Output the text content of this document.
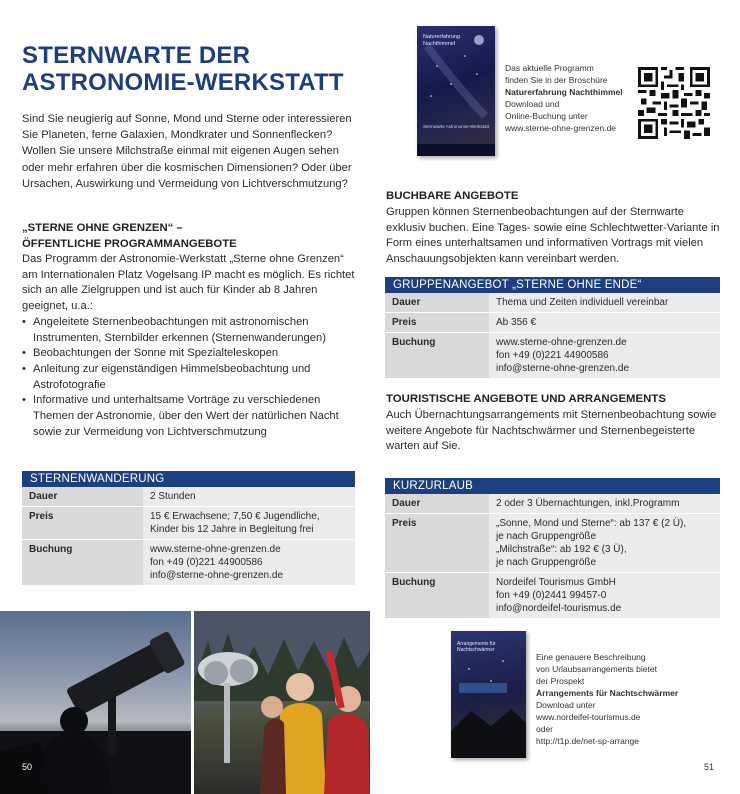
STERNWARTE DER
ASTRONOMIE-WERKSTATT

Sind Sie neugierig auf Sonne, Mond und Sterne oder interessieren Sie Planeten, ferne Galaxien, Mondkrater und Sonnenflecken? Wollen Sie unsere Milchstraße einmal mit eigenen Augen sehen oder mehr erfahren über die kosmischen Dimensionen? Oder über Ursachen, Auswirkung und Vermeidung von Lichtverschmutzung?

„STERNE OHNE GRENZEN“ –
ÖFFENTLICHE PROGRAMMANGEBOTE

Das Programm der Astronomie-Werkstatt „Sterne ohne Grenzen“ am Internationalen Platz Vogelsang IP macht es möglich. Es richtet sich an alle Zielgruppen und ist auch für Kinder ab 8 Jahren geeignet, u.a.:

• Angeleitete Sternenbeobachtungen mit astronomischen Instrumenten, Sternbilder erkennen (Sternenwanderungen)
• Beobachtungen der Sonne mit Spezialteleskopen
• Anleitung zur eigenständigen Himmelsbeobachtung und Astrofotografie
• Informative und unterhaltsame Vorträge zu verschiedenen Themen der Astronomie, über den Wert der natürlichen Nacht sowie zur Vermeidung von Lichtverschmutzung
STERNENWANDERUNG
Dauer	2 Stunden
Preis	15 € Erwachsene; 7,50 € Jugendliche,
Kinder bis 12 Jahre in Begleitung frei
Buchung	www.sterne-ohne-grenzen.de
fon +49 (0)221 44900586
info@sterne-ohne-grenzen.de
50
Naturerfahrung Nachthimmel
Sternwarte Astronomie-Werkstatt
Das aktuelle Programm
finden Sie in der Broschüre
Naturerfahrung Nachthimmel
Download und
Online-Buchung unter
www.sterne-ohne-grenzen.de
BUCHBARE ANGEBOTE

Gruppen können Sternenbeobachtungen auf der Sternwarte exklusiv buchen. Eine Tages- sowie eine Schlechtwetter-Variante in Form eines unterhaltsamen und informativen Vortrags mit vielen Anschauungsobjekten kann vereinbart werden.

GRUPPENANGEBOT „STERNE OHNE ENDE“
Dauer	Thema und Zeiten individuell vereinbar
Preis	Ab 356 €
Buchung	www.sterne-ohne-grenzen.de
fon +49 (0)221 44900586
info@sterne-ohne-grenzen.de
TOURISTISCHE ANGEBOTE UND ARRANGEMENTS

Auch Übernachtungsarrangements mit Sternenbeobachtung sowie weitere Angebote für Nachtschwärmer und Sternenbegeisterte warten auf Sie.

KURZURLAUB
Dauer	2 oder 3 Übernachtungen, inkl.Programm
Preis	„Sonne, Mond und Sterne“: ab 137 € (2 Ü),
je nach Gruppengröße
„Milchstraße“: ab 192 € (3 Ü),
je nach Gruppengröße
Buchung	Nordeifel Tourismus GmbH
fon +49 (0)2441 99457-0
info@nordeifel-tourismus.de
Arrangements für Nachtschwärmer
Eine genauere Beschreibung
von Urlaubsarrangements bietet
der Prospekt
Arrangements für Nachtschwärmer
Download unter
www.nordeifel-tourismus.de
oder
http://t1p.de/net-sp-arrange
51
